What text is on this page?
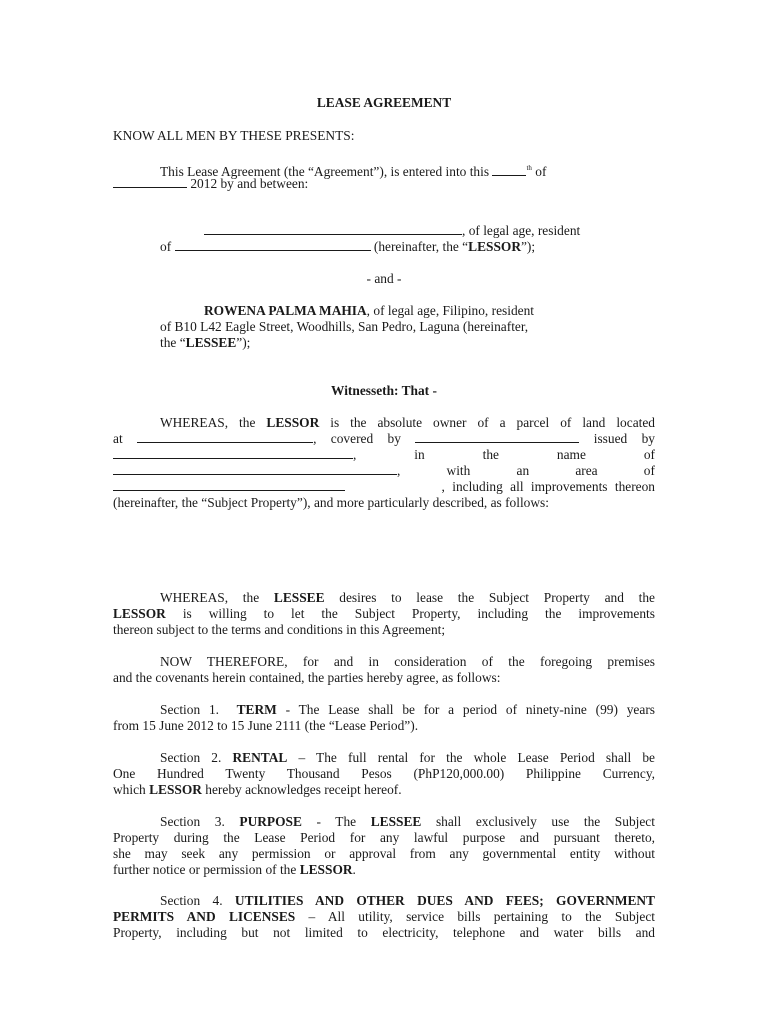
LEASE AGREEMENT
KNOW ALL MEN BY THESE PRESENTS:
This Lease Agreement (the “Agreement”), is entered into this	$^{th}$ of
2012 by and between:
, of legal age, resident
of	(hereinafter, the “LESSOR”);
- and -
ROWENA PALMA MAHIA, of legal age, Filipino, resident
of B10 L42 Eagle Street, Woodhills, San Pedro, Laguna (hereinafter,
the “LESSEE”);
Witnesseth: That -
WHEREAS, the LESSOR is the absolute owner of a parcel of land located
at	, covered by	issued by
,	in	the	name	of
,	with	an	area	of
, including all improvements thereon
(hereinafter, the “Subject Property”), and more particularly described, as follows:
WHEREAS, the LESSEE desires to lease the Subject Property and the
LESSOR is willing to let the Subject Property, including the improvements
thereon subject to the terms and conditions in this Agreement;
NOW THEREFORE, for and in consideration of the foregoing premises
and the covenants herein contained, the parties hereby agree, as follows:
Section 1. TERM - The Lease shall be for a period of ninety-nine (99) years
from 15 June 2012 to 15 June 2111 (the “Lease Period”).
Section 2. RENTAL – The full rental for the whole Lease Period shall be
One Hundred Twenty Thousand Pesos (PhP120,000.00) Philippine Currency,
which LESSOR hereby acknowledges receipt hereof.
Section 3. PURPOSE - The LESSEE shall exclusively use the Subject
Property during the Lease Period for any lawful purpose and pursuant thereto,
she may seek any permission or approval from any governmental entity without
further notice or permission of the LESSOR.
Section 4. UTILITIES AND OTHER DUES AND FEES; GOVERNMENT
PERMITS AND LICENSES – All utility, service bills pertaining to the Subject
Property, including but not limited to electricity, telephone and water bills and
